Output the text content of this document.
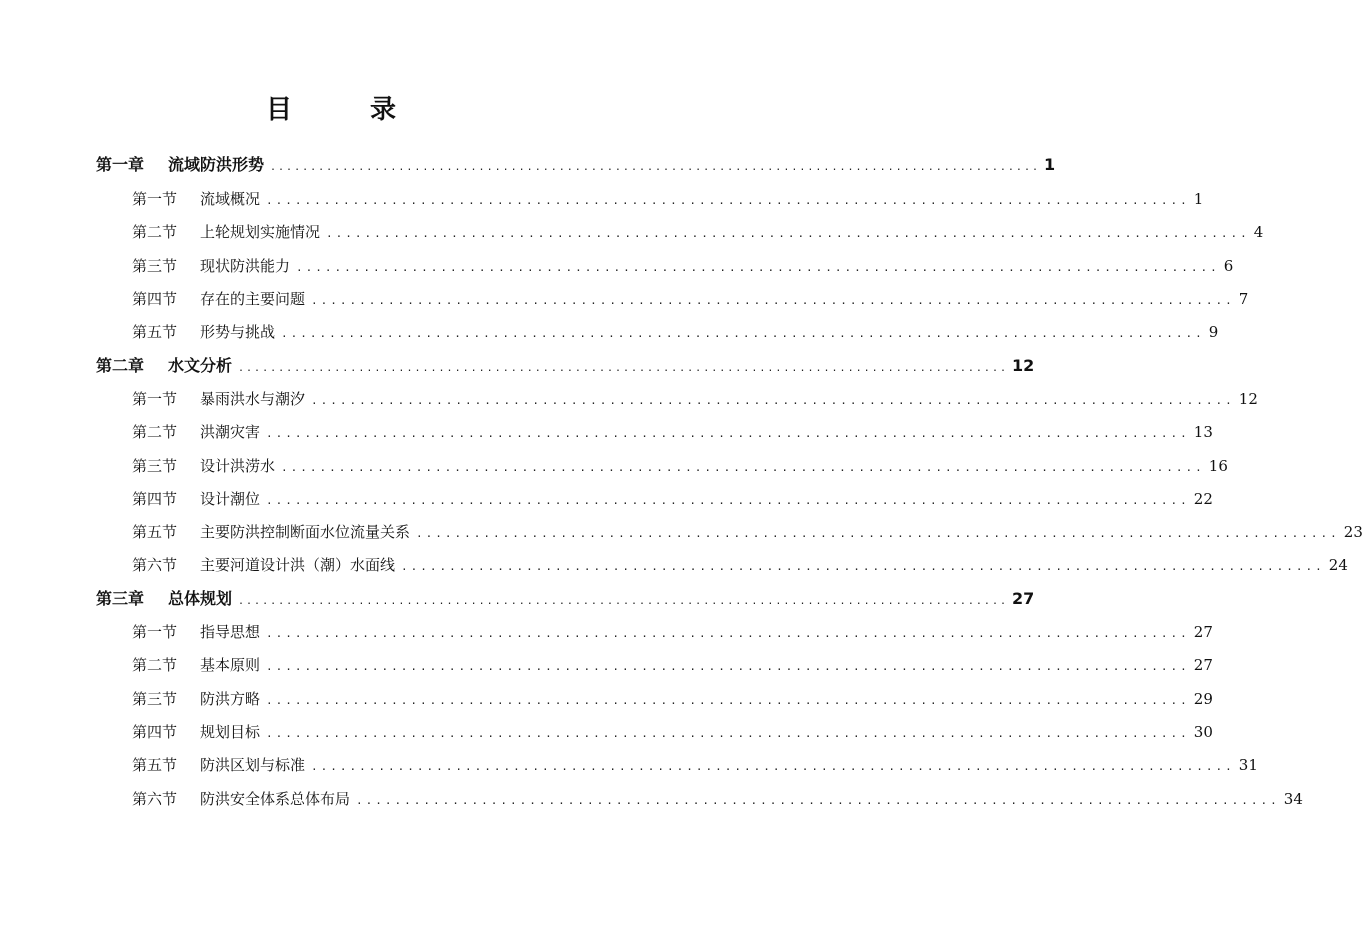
目　录
第一章	流域防洪形势 ................................................................................................ 1
第一节	流域概况 ................................................................................................ 1
第二节	上轮规划实施情况 ................................................................................................ 4
第三节	现状防洪能力 ................................................................................................ 6
第四节	存在的主要问题 ................................................................................................ 7
第五节	形势与挑战 ................................................................................................ 9
第二章	水文分析 ................................................................................................ 12
第一节	暴雨洪水与潮汐 ................................................................................................ 12
第二节	洪潮灾害 ................................................................................................ 13
第三节	设计洪涝水 ................................................................................................ 16
第四节	设计潮位 ................................................................................................ 22
第五节	主要防洪控制断面水位流量关系 ................................................................................................ 23
第六节	主要河道设计洪（潮）水面线 ................................................................................................ 24
第三章	总体规划 ................................................................................................ 27
第一节	指导思想 ................................................................................................ 27
第二节	基本原则 ................................................................................................ 27
第三节	防洪方略 ................................................................................................ 29
第四节	规划目标 ................................................................................................ 30
第五节	防洪区划与标准 ................................................................................................ 31
第六节	防洪安全体系总体布局 ................................................................................................ 34
